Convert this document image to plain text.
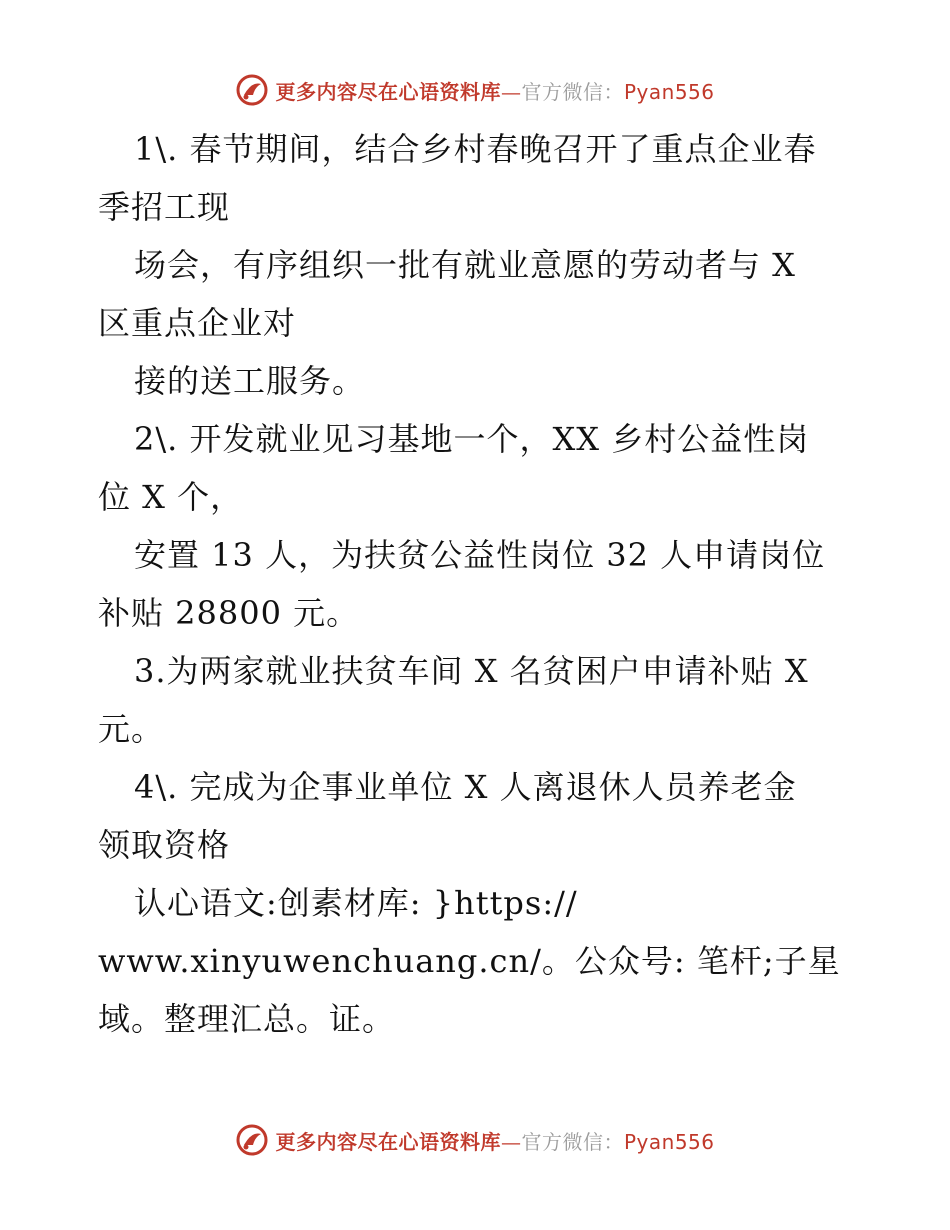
更多内容尽在心语资料库—官方微信：Pyan556
1\. 春节期间，结合乡村春晚召开了重点企业春
季招工现
场会，有序组织一批有就业意愿的劳动者与 X
区重点企业对
接的送工服务。
2\. 开发就业见习基地一个，XX 乡村公益性岗
位 X 个，
安置 13 人，为扶贫公益性岗位 32 人申请岗位
补贴 28800 元。
3.为两家就业扶贫车间 X 名贫困户申请补贴 X
元。
4\. 完成为企事业单位 X 人离退休人员养老金
领取资格
认心语文:创素材库: }https://
www.xinyuwenchuang.cn/。公众号: 笔杆;子星
域。整理汇总。证。
更多内容尽在心语资料库—官方微信：Pyan556
